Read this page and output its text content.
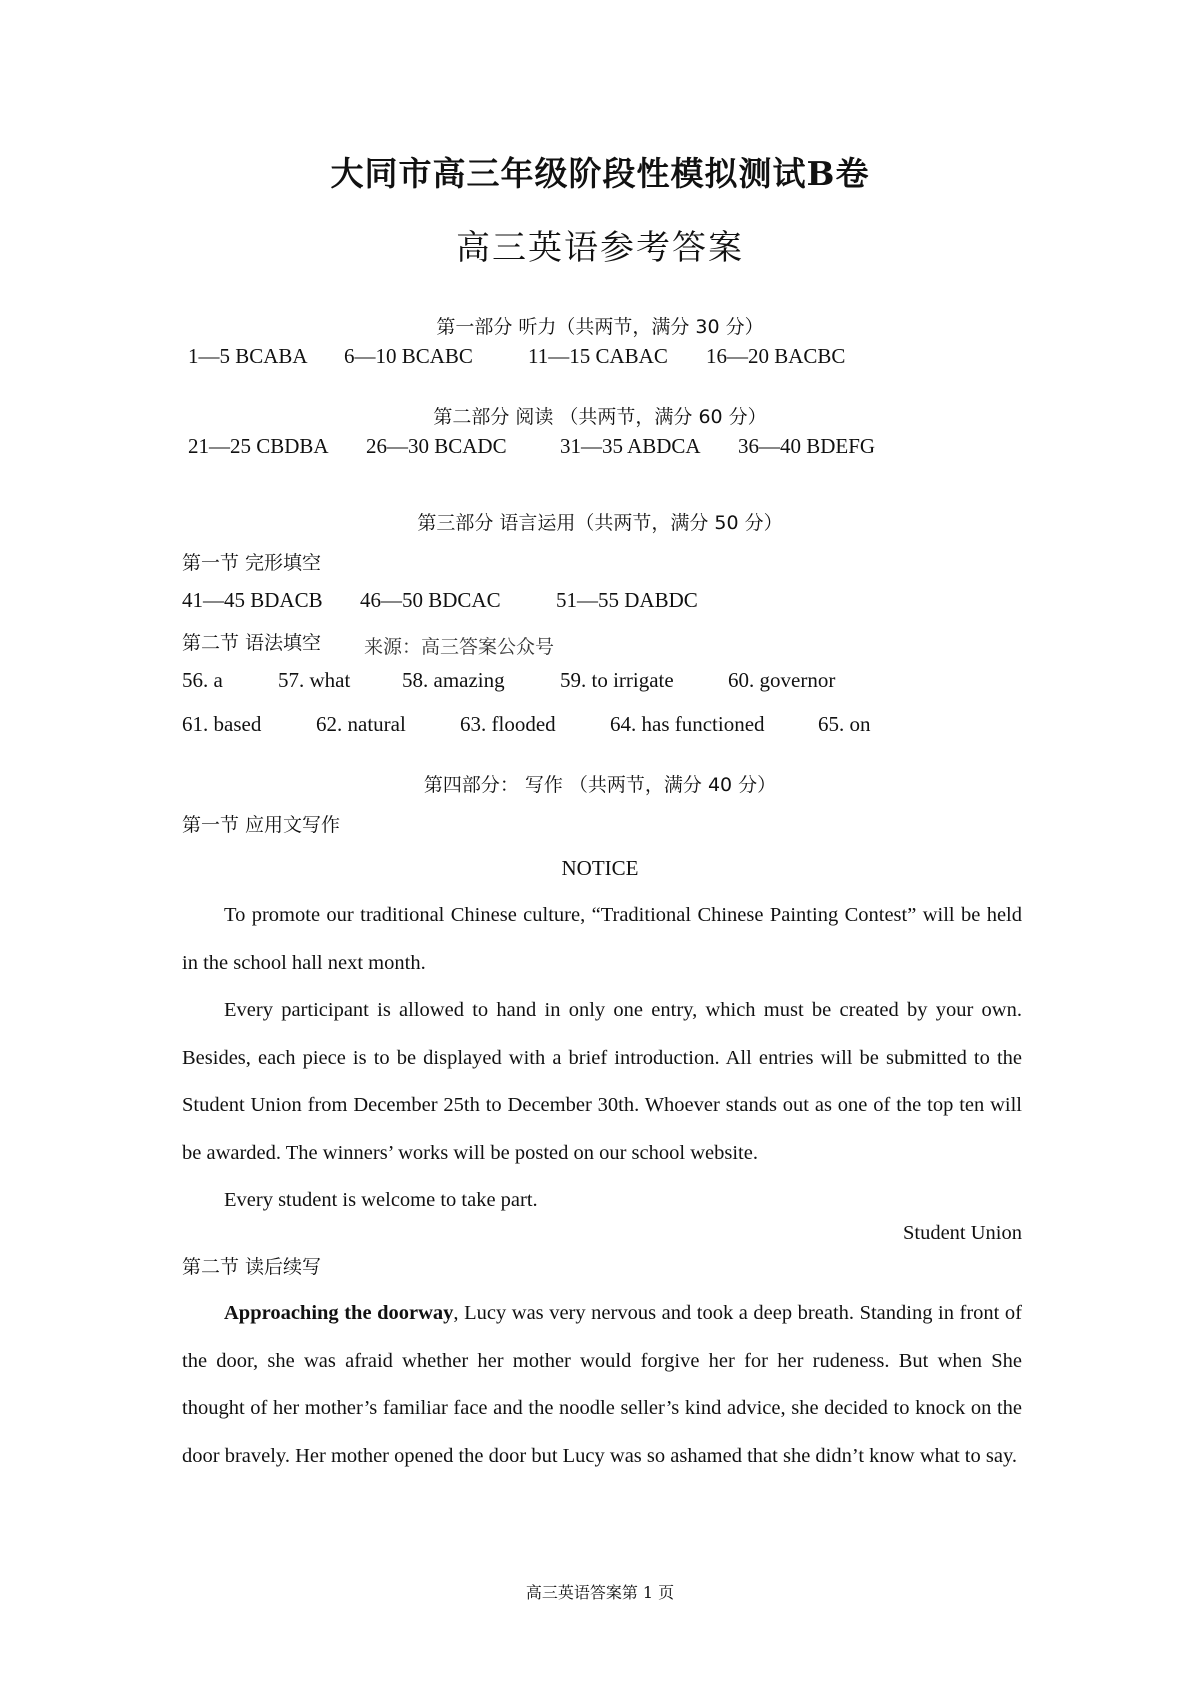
大同市高三年级阶段性模拟测试B卷
高三英语参考答案
第一部分 听力（共两节，满分 30 分）
1—5 BCABA 6—10 BCABC	11—15 CABAC 16—20 BACBC
第二部分 阅读 （共两节，满分 60 分）
21—25 CBDBA 26—30 BCADC	31—35 ABDCA 36—40 BDEFG
第三部分 语言运用（共两节，满分 50 分）
第一节 完形填空
41—45 BDACB 46—50 BDCAC	51—55 DABDC
第二节 语法填空 来源：高三答案公众号
56. a	57. what 58. amazing	59. to irrigate	60. governor
61. based	62. natural	63. flooded	64. has functioned	65. on
第四部分： 写作 （共两节，满分 40 分）
第一节 应用文写作
NOTICE
To promote our traditional Chinese culture, “Traditional Chinese Painting Contest” will be held in the school hall next month.
Every participant is allowed to hand in only one entry, which must be created by your own. Besides, each piece is to be displayed with a brief introduction. All entries will be submitted to the Student Union from December 25th to December 30th. Whoever stands out as one of the top ten will be awarded. The winners’ works will be posted on our school website.
Every student is welcome to take part.
Student Union
第二节 读后续写
Approaching the doorway, Lucy was very nervous and took a deep breath. Standing in front of the door, she was afraid whether her mother would forgive her for her rudeness. But when She thought of her mother’s familiar face and the noodle seller’s kind advice, she decided to knock on the door bravely. Her mother opened the door but Lucy was so ashamed that she didn’t know what to say.
高三英语答案第 1 页
